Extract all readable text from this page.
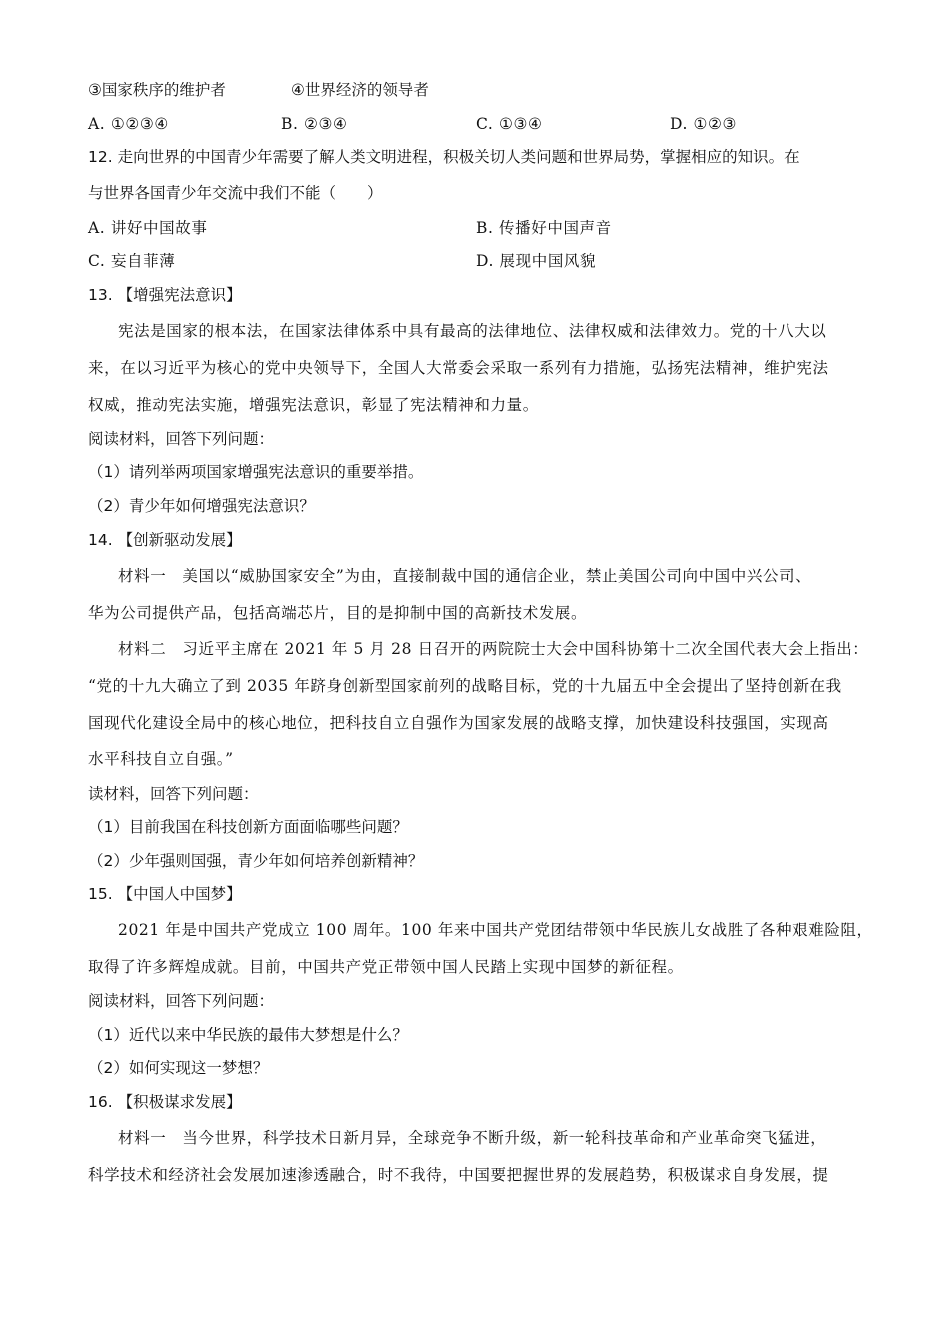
③国家秩序的维护者	④世界经济的领导者
A. ①②③④	B. ②③④	C. ①③④	D. ①②③
12. 走向世界的中国青少年需要了解人类文明进程，积极关切人类问题和世界局势，掌握相应的知识。在
与世界各国青少年交流中我们不能（　　）
A. 讲好中国故事	B. 传播好中国声音
C. 妄自菲薄	D. 展现中国风貌
13. 【增强宪法意识】
宪法是国家的根本法，在国家法律体系中具有最高的法律地位、法律权威和法律效力。党的十八大以
来，在以习近平为核心的党中央领导下，全国人大常委会采取一系列有力措施，弘扬宪法精神，维护宪法
权威，推动宪法实施，增强宪法意识，彰显了宪法精神和力量。
阅读材料，回答下列问题：
（1）请列举两项国家增强宪法意识的重要举措。
（2）青少年如何增强宪法意识？
14. 【创新驱动发展】
材料一　美国以“威胁国家安全”为由，直接制裁中国的通信企业，禁止美国公司向中国中兴公司、
华为公司提供产品，包括高端芯片，目的是抑制中国的高新技术发展。
材料二　习近平主席在 2021 年 5 月 28 日召开的两院院士大会中国科协第十二次全国代表大会上指出：
“党的十九大确立了到 2035 年跻身创新型国家前列的战略目标，党的十九届五中全会提出了坚持创新在我
国现代化建设全局中的核心地位，把科技自立自强作为国家发展的战略支撑，加快建设科技强国，实现高
水平科技自立自强。”
读材料，回答下列问题：
（1）目前我国在科技创新方面面临哪些问题？
（2）少年强则国强，青少年如何培养创新精神？
15. 【中国人中国梦】
2021 年是中国共产党成立 100 周年。100 年来中国共产党团结带领中华民族儿女战胜了各种艰难险阻，
取得了许多辉煌成就。目前，中国共产党正带领中国人民踏上实现中国梦的新征程。
阅读材料，回答下列问题：
（1）近代以来中华民族的最伟大梦想是什么？
（2）如何实现这一梦想？
16. 【积极谋求发展】
材料一　当今世界，科学技术日新月异，全球竞争不断升级，新一轮科技革命和产业革命突飞猛进，
科学技术和经济社会发展加速渗透融合，时不我待，中国要把握世界的发展趋势，积极谋求自身发展，提
